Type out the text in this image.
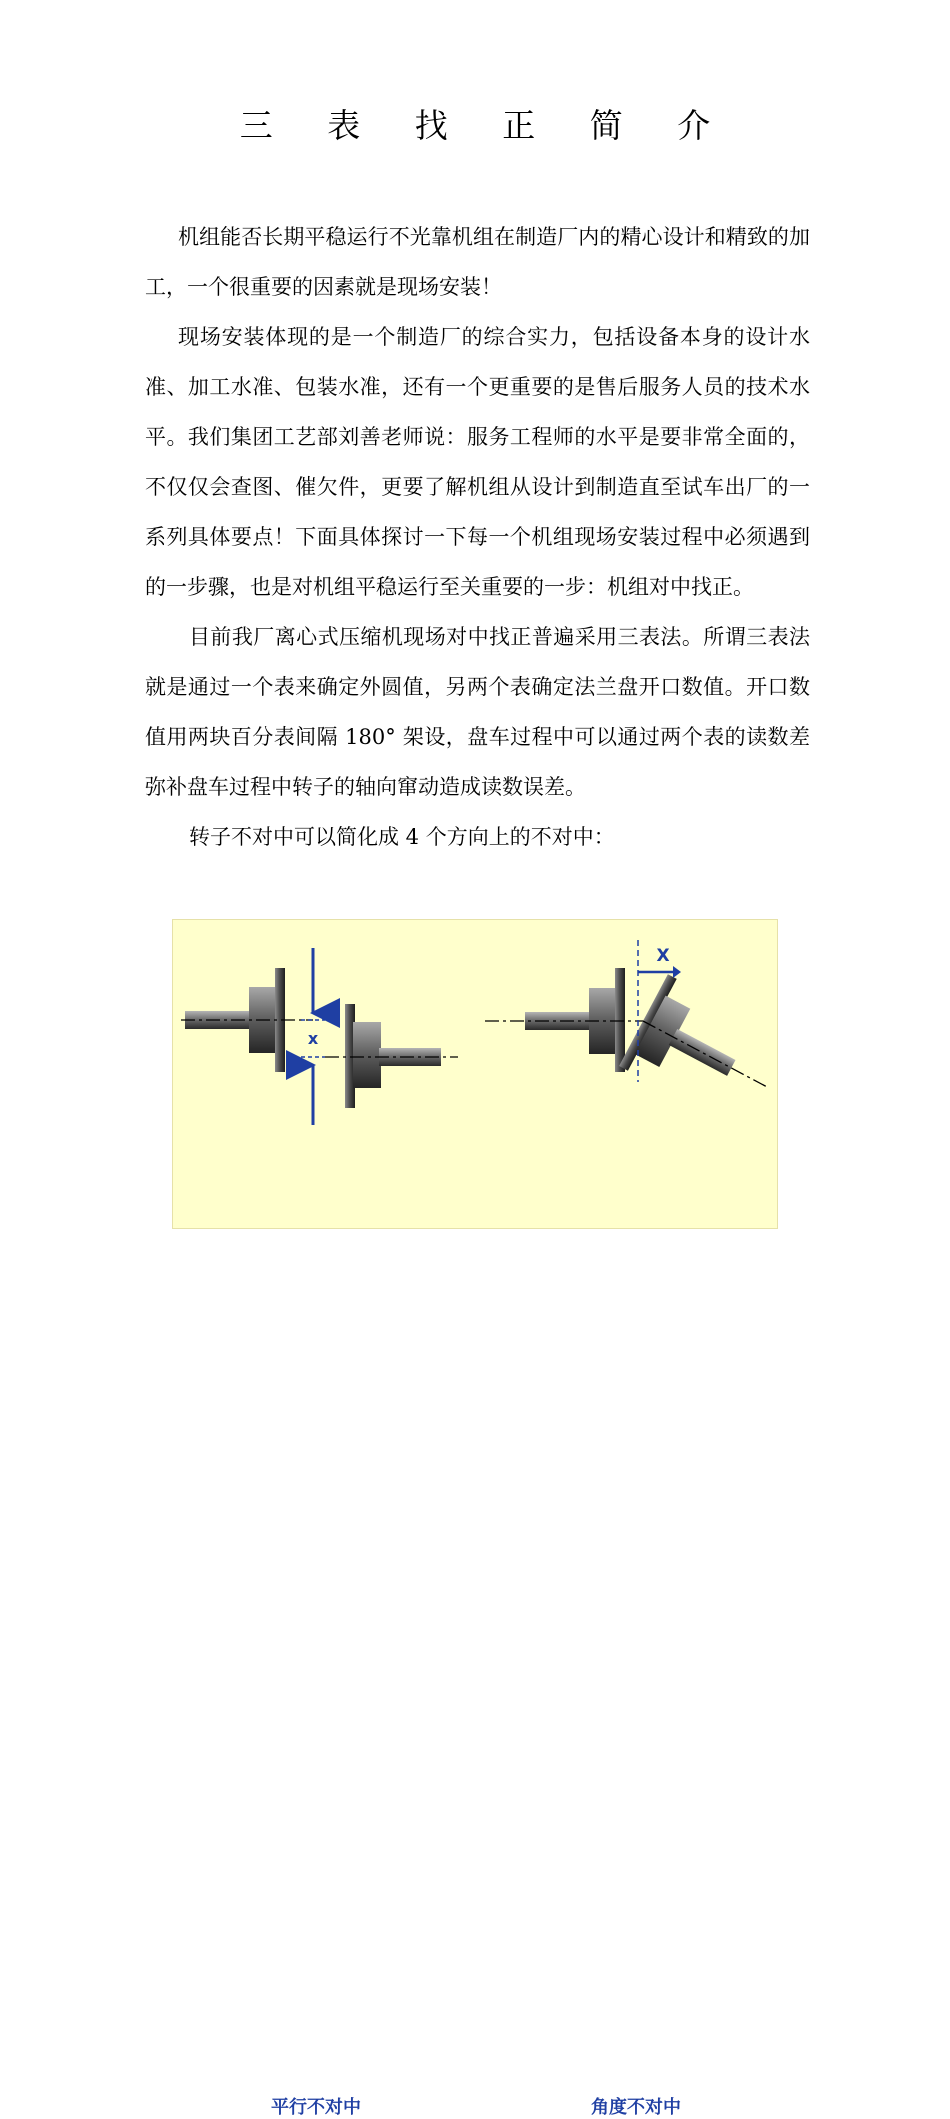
三 表 找 正 简 介

机组能否长期平稳运行不光靠机组在制造厂内的精心设计和精致的加工，一个很重要的因素就是现场安装！

现场安装体现的是一个制造厂的综合实力，包括设备本身的设计水准、加工水准、包装水准，还有一个更重要的是售后服务人员的技术水平。我们集团工艺部刘善老师说：服务工程师的水平是要非常全面的，不仅仅会查图、催欠件，更要了解机组从设计到制造直至试车出厂的一系列具体要点！下面具体探讨一下每一个机组现场安装过程中必须遇到的一步骤，也是对机组平稳运行至关重要的一步：机组对中找正。

目前我厂离心式压缩机现场对中找正普遍采用三表法。所谓三表法就是通过一个表来确定外圆值，另两个表确定法兰盘开口数值。开口数值用两块百分表间隔 180° 架设，盘车过程中可以通过两个表的读数差弥补盘车过程中转子的轴向窜动造成读数误差。

转子不对中可以简化成 4 个方向上的不对中：

x
X
平行不对中	角度不对中
